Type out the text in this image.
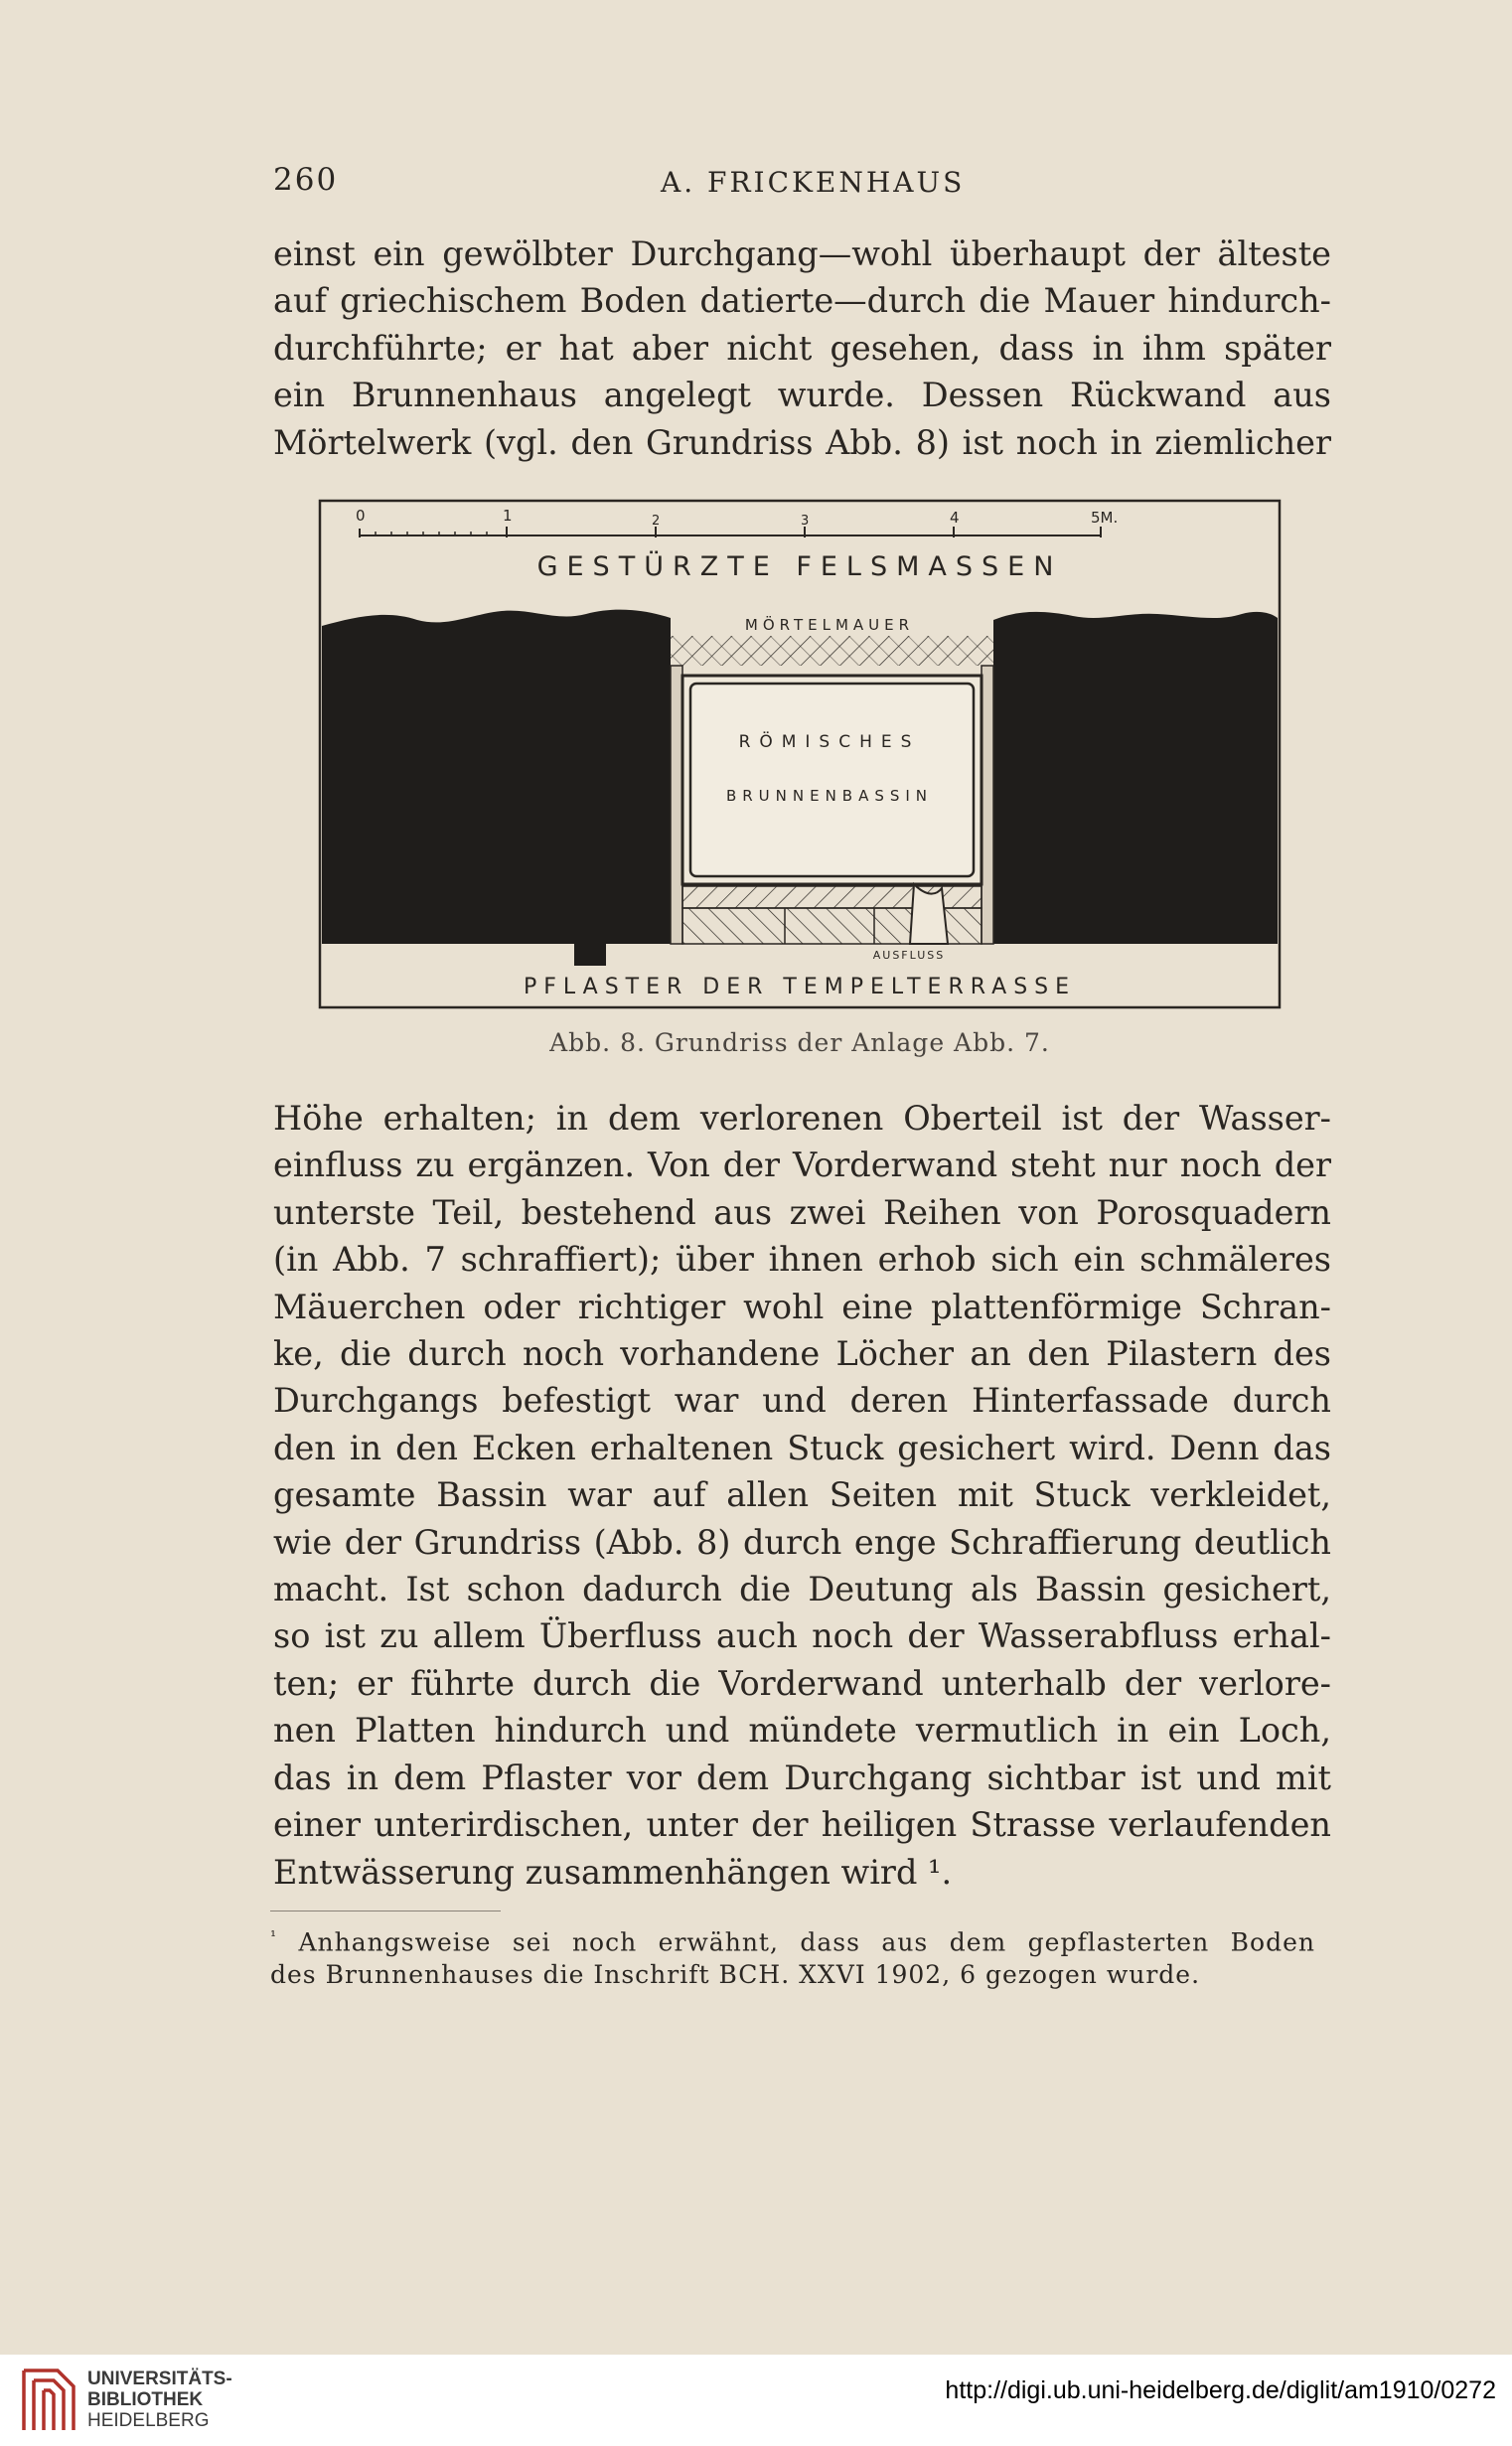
260	A. FRICKENHAUS
einst ein gewölbter Durchgang—wohl überhaupt der älteste
auf griechischem Boden datierte—durch die Mauer hindurch-
durchführte; er hat aber nicht gesehen, dass in ihm später
ein Brunnenhaus angelegt wurde. Dessen Rückwand aus
Mörtelwerk (vgl. den Grundriss Abb. 8) ist noch in ziemlicher
0	1	2	3	4	5M.
GESTÜRZTE FELSMASSEN
MÖRTELMAUER
RÖMISCHES
BRUNNENBASSIN
AUSFLUSS
PFLASTER DER TEMPELTERRASSE
Abb. 8. Grundriss der Anlage Abb. 7.
Höhe erhalten; in dem verlorenen Oberteil ist der Wasser-
einfluss zu ergänzen. Von der Vorderwand steht nur noch der
unterste Teil, bestehend aus zwei Reihen von Porosquadern
(in Abb. 7 schraffiert); über ihnen erhob sich ein schmäleres
Mäuerchen oder richtiger wohl eine plattenförmige Schran-
ke, die durch noch vorhandene Löcher an den Pilastern des
Durchgangs befestigt war und deren Hinterfassade durch
den in den Ecken erhaltenen Stuck gesichert wird. Denn das
gesamte Bassin war auf allen Seiten mit Stuck verkleidet,
wie der Grundriss (Abb. 8) durch enge Schraffierung deutlich
macht. Ist schon dadurch die Deutung als Bassin gesichert,
so ist zu allem Überfluss auch noch der Wasserabfluss erhal-
ten; er führte durch die Vorderwand unterhalb der verlore-
nen Platten hindurch und mündete vermutlich in ein Loch,
das in dem Pflaster vor dem Durchgang sichtbar ist und mit
einer unterirdischen, unter der heiligen Strasse verlaufenden
Entwässerung zusammenhängen wird ¹.
$^{^1}$ Anhangsweise sei noch erwähnt, dass aus dem gepflasterten Boden
des Brunnenhauses die Inschrift BCH. XXVI 1902, 6 gezogen wurde.
UNIVERSITÄTS-
BIBLIOTHEK
HEIDELBERG
http://digi.ub.uni-heidelberg.de/diglit/am1910/0272
